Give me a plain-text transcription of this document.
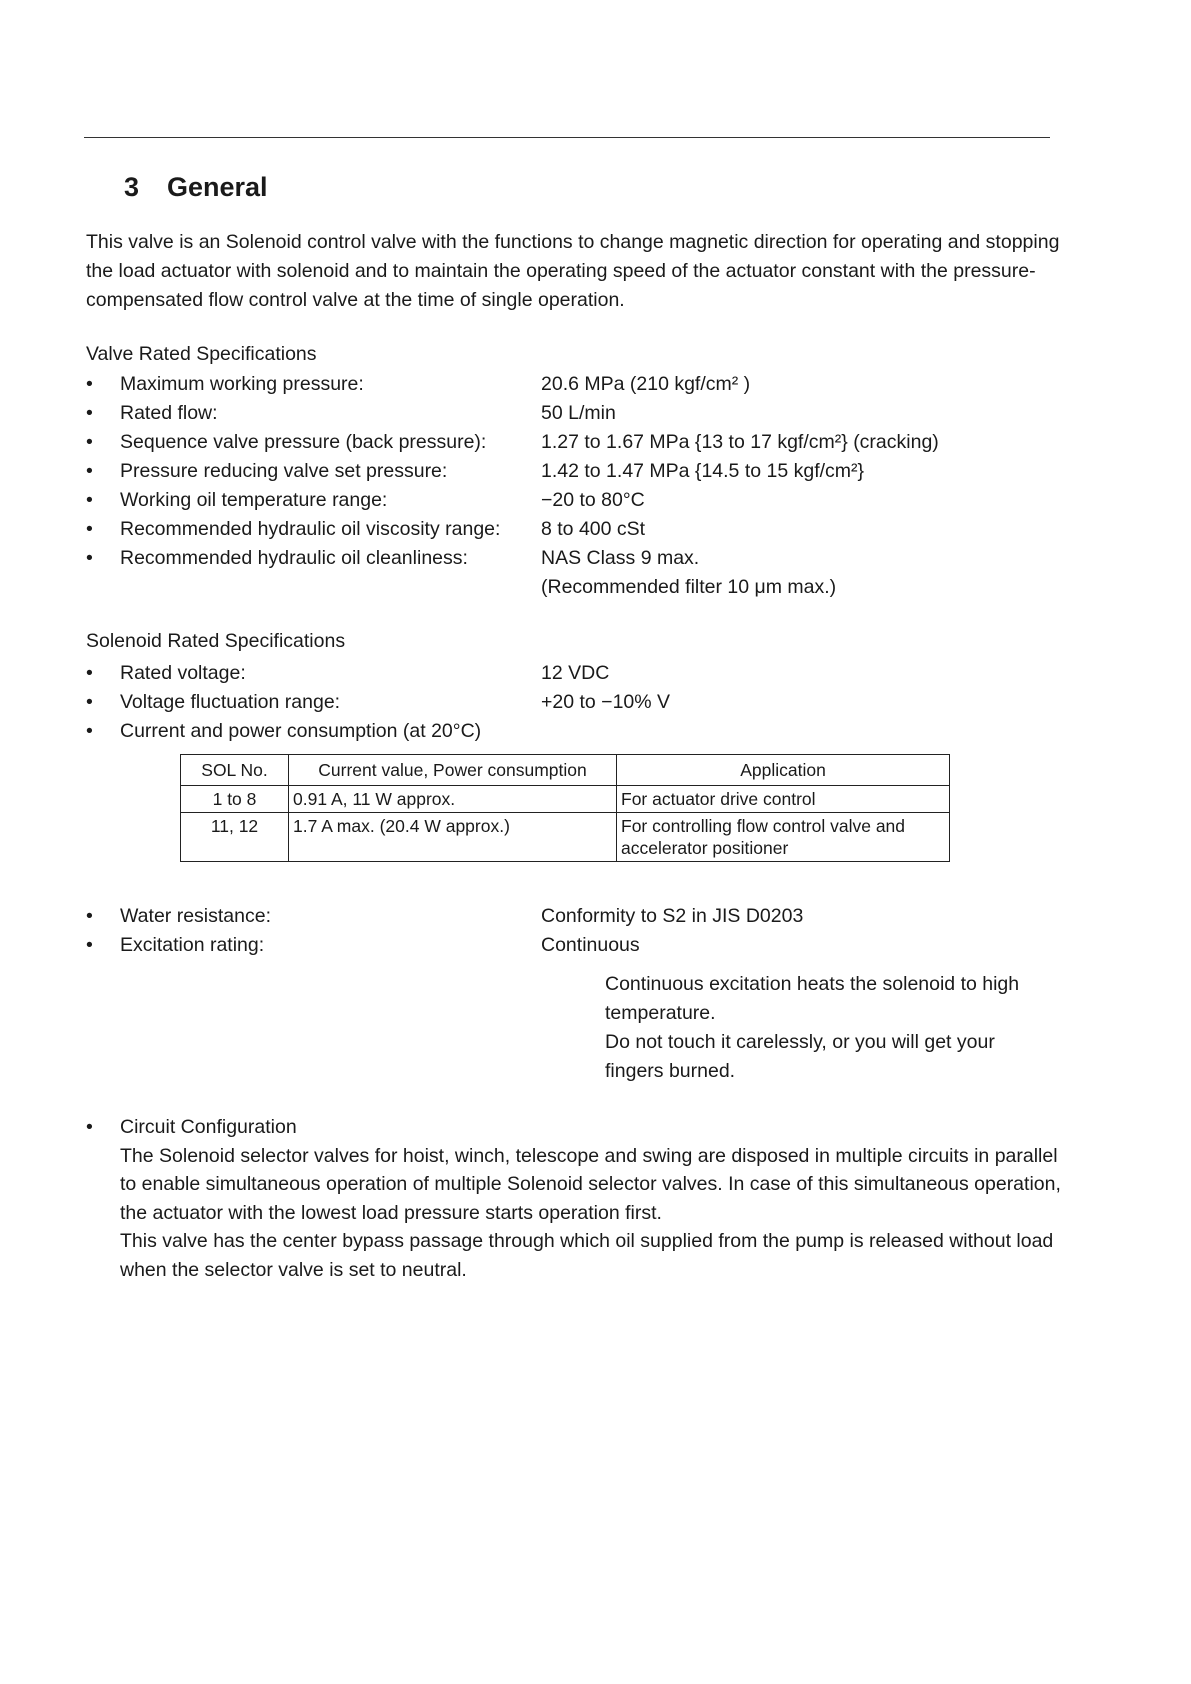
3 General

This valve is an Solenoid control valve with the functions to change magnetic direction for operating and stopping the load actuator with solenoid and to maintain the operating speed of the actuator constant with the pressure-compensated flow control valve at the time of single operation.

Valve Rated Specifications

•	Maximum working pressure:	20.6 MPa (210 kgf/cm² )
•	Rated flow:	50 L/min
•	Sequence valve pressure (back pressure):	1.27 to 1.67 MPa {13 to 17 kgf/cm²} (cracking)
•	Pressure reducing valve set pressure:	1.42 to 1.47 MPa {14.5 to 15 kgf/cm²}
•	Working oil temperature range:	−20 to 80°C
•	Recommended hydraulic oil viscosity range: 8 to 400 cSt
•	Recommended hydraulic oil cleanliness:	NAS Class 9 max.
(Recommended filter 10 μm max.)

Solenoid Rated Specifications

•	Rated voltage:	12 VDC
•	Voltage fluctuation range:	+20 to −10% V
•	Current and power consumption (at 20°C)
SOL No.	Current value, Power consumption	Application
1 to 8	0.91 A, 11 W approx.	For actuator drive control
11, 12	1.7 A max. (20.4 W approx.)	For controlling flow control valve and accelerator positioner
•	Water resistance:	Conformity to S2 in JIS D0203
•	Excitation rating:	Continuous

Continuous excitation heats the solenoid to high temperature.

Do not touch it carelessly, or you will get your fingers burned.

• Circuit Configuration

The Solenoid selector valves for hoist, winch, telescope and swing are disposed in multiple circuits in parallel to enable simultaneous operation of multiple Solenoid selector valves. In case of this simultaneous operation, the actuator with the lowest load pressure starts operation first.

This valve has the center bypass passage through which oil supplied from the pump is released without load when the selector valve is set to neutral.
